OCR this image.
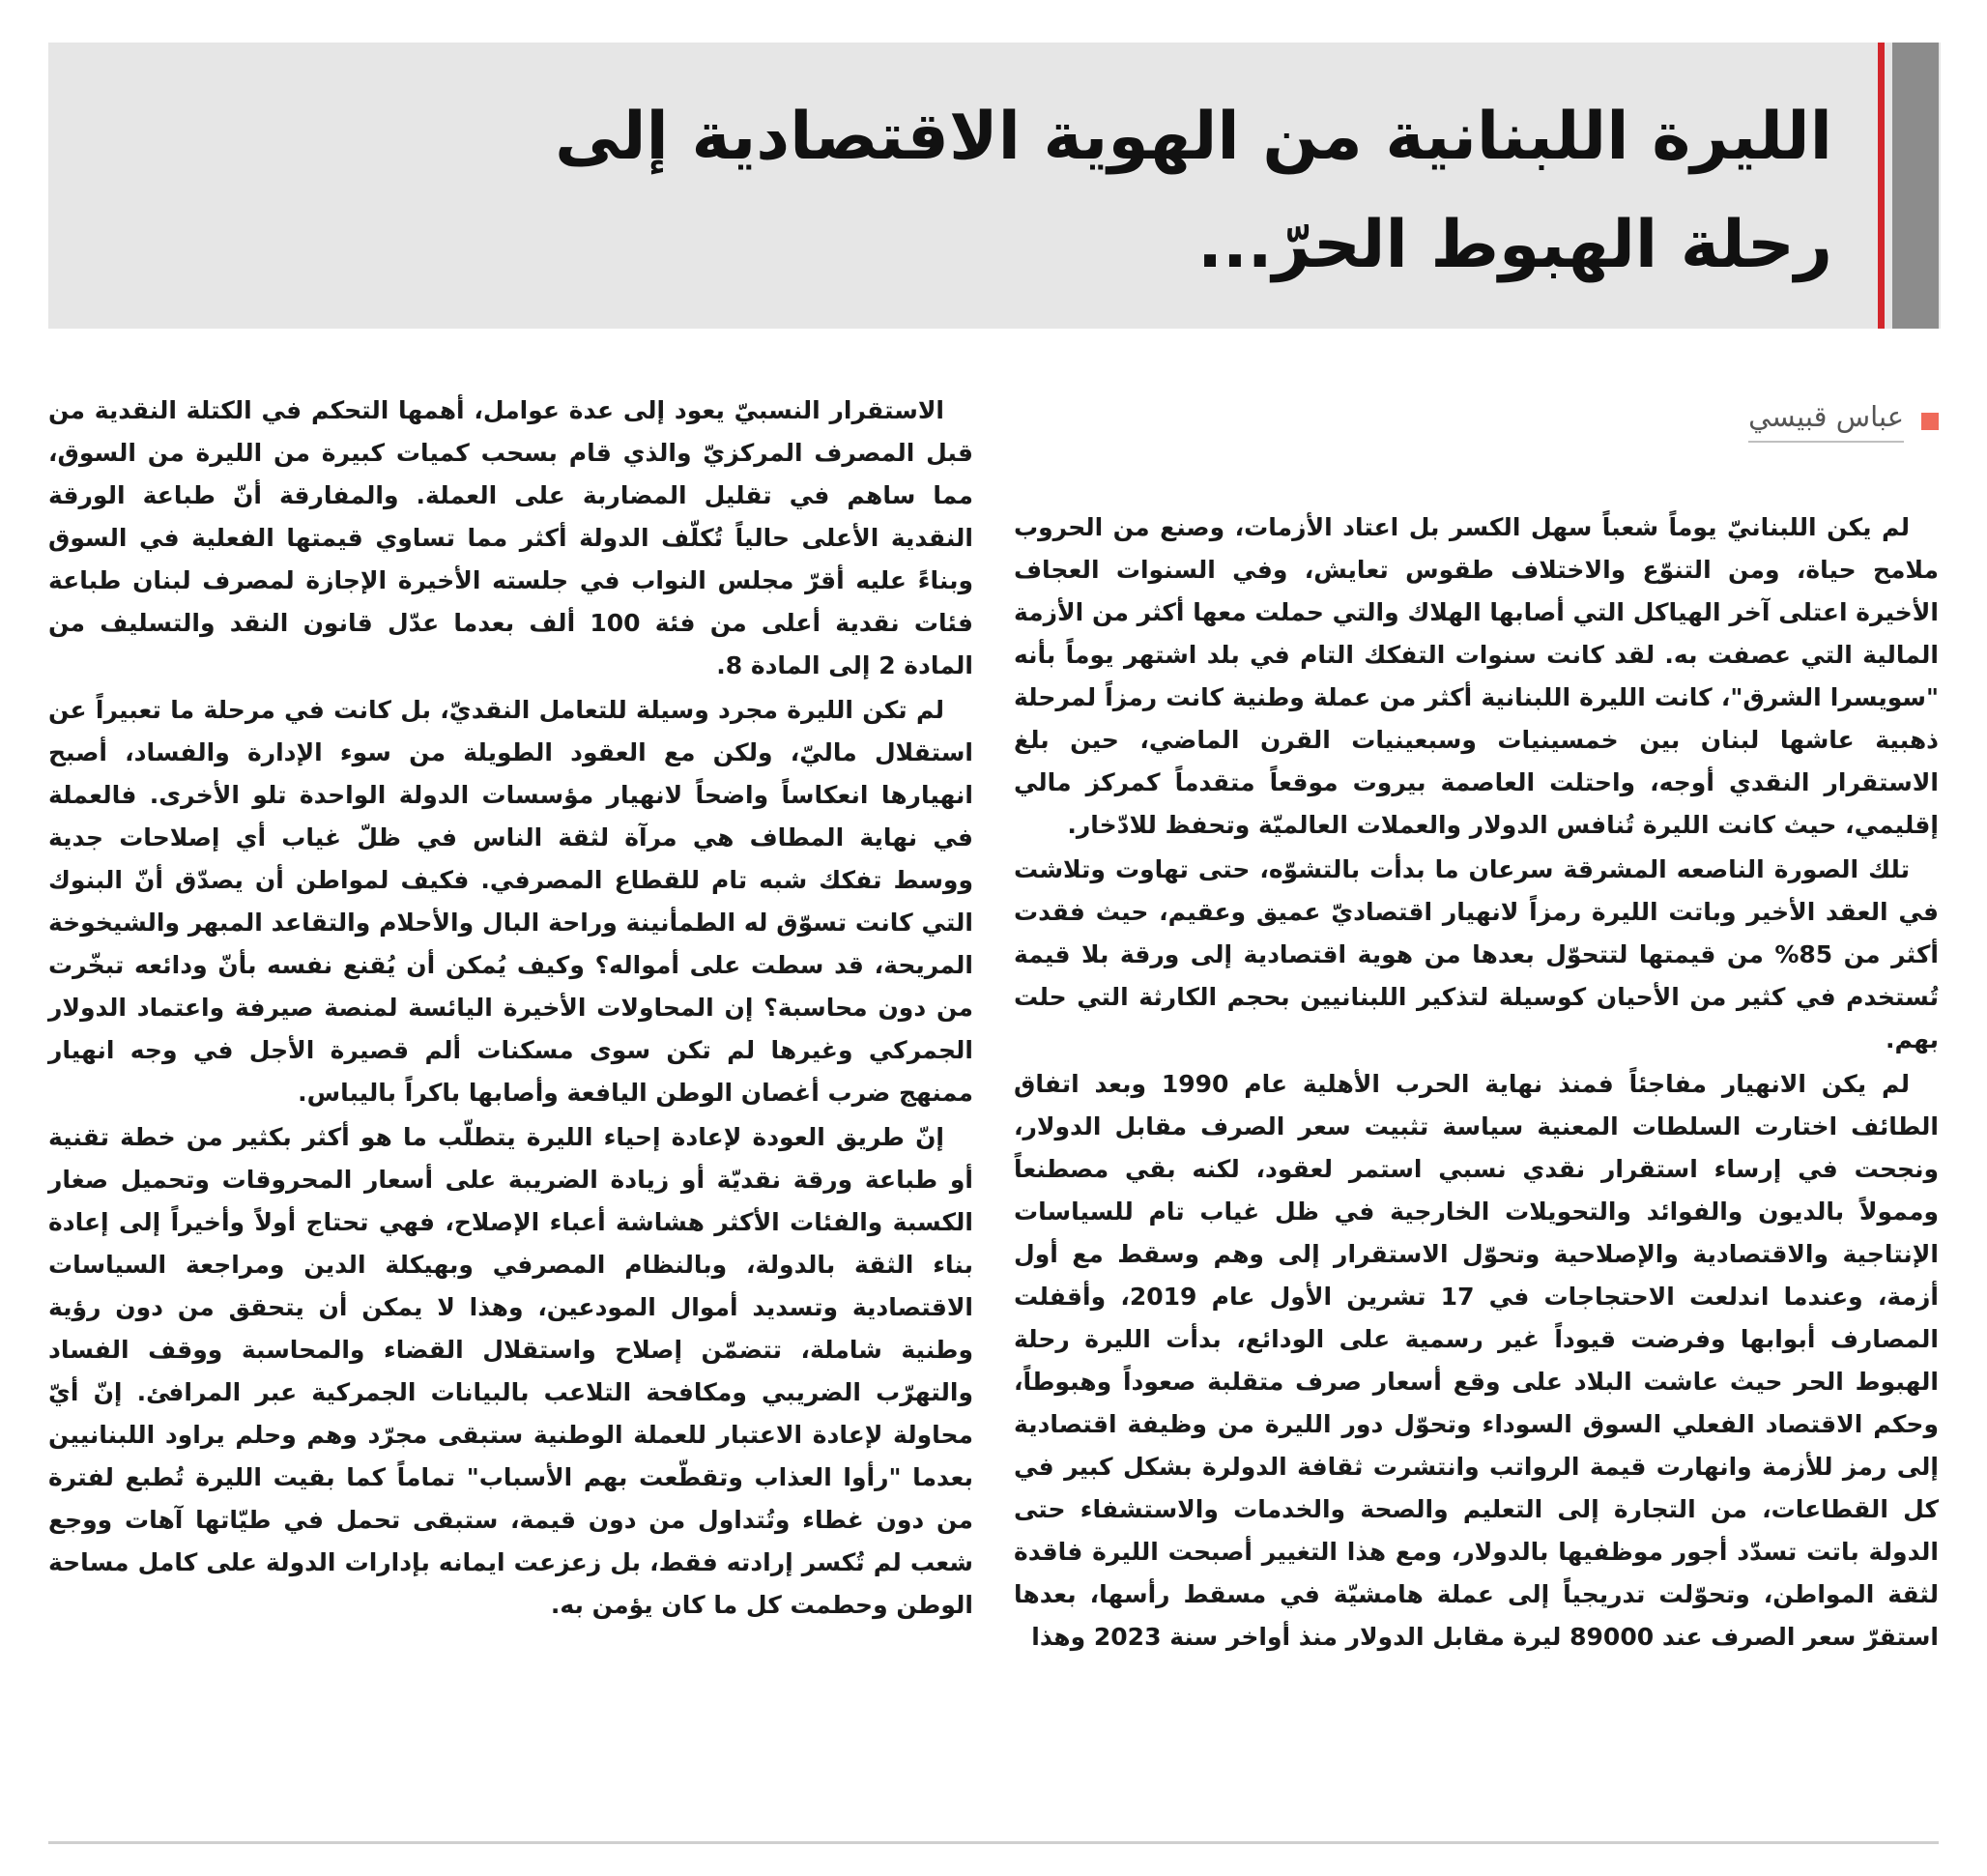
الليرة اللبنانية من الهوية الاقتصادية إلى رحلة الهبوط الحرّ...
عباس قبيسي

لم يكن اللبنانيّ يوماً شعباً سهل الكسر بل اعتاد الأزمات، وصنع من الحروب ملامح حياة، ومن التنوّع والاختلاف طقوس تعايش، وفي السنوات العجاف الأخيرة اعتلى آخر الهياكل التي أصابها الهلاك والتي حملت معها أكثر من الأزمة المالية التي عصفت به. لقد كانت سنوات التفكك التام في بلد اشتهر يوماً بأنه "سويسرا الشرق"، كانت الليرة اللبنانية أكثر من عملة وطنية كانت رمزاً لمرحلة ذهبية عاشها لبنان بين خمسينيات وسبعينيات القرن الماضي، حين بلغ الاستقرار النقدي أوجه، واحتلت العاصمة بيروت موقعاً متقدماً كمركز مالي إقليمي، حيث كانت الليرة تُنافس الدولار والعملات العالميّة وتحفظ للادّخار.

تلك الصورة الناصعه المشرقة سرعان ما بدأت بالتشوّه، حتى تهاوت وتلاشت في العقد الأخير وباتت الليرة رمزاً لانهيار اقتصاديّ عميق وعقيم، حيث فقدت أكثر من 85% من قيمتها لتتحوّل بعدها من هوية اقتصادية إلى ورقة بلا قيمة تُستخدم في كثير من الأحيان كوسيلة لتذكير اللبنانيين بحجم الكارثة التي حلت بهم.

لم يكن الانهيار مفاجئاً فمنذ نهاية الحرب الأهلية عام 1990 وبعد اتفاق الطائف اختارت السلطات المعنية سياسة تثبيت سعر الصرف مقابل الدولار، ونجحت في إرساء استقرار نقدي نسبي استمر لعقود، لكنه بقي مصطنعاً وممولاً بالديون والفوائد والتحويلات الخارجية في ظل غياب تام للسياسات الإنتاجية والاقتصادية والإصلاحية وتحوّل الاستقرار إلى وهم وسقط مع أول أزمة، وعندما اندلعت الاحتجاجات في 17 تشرين الأول عام 2019، وأقفلت المصارف أبوابها وفرضت قيوداً غير رسمية على الودائع، بدأت الليرة رحلة الهبوط الحر حيث عاشت البلاد على وقع أسعار صرف متقلبة صعوداً وهبوطاً، وحكم الاقتصاد الفعلي السوق السوداء وتحوّل دور الليرة من وظيفة اقتصادية إلى رمز للأزمة وانهارت قيمة الرواتب وانتشرت ثقافة الدولرة بشكل كبير في كل القطاعات، من التجارة إلى التعليم والصحة والخدمات والاستشفاء حتى الدولة باتت تسدّد أجور موظفيها بالدولار، ومع هذا التغيير أصبحت الليرة فاقدة لثقة المواطن، وتحوّلت تدريجياً إلى عملة هامشيّة في مسقط رأسها، بعدها استقرّ سعر الصرف عند 89000 ليرة مقابل الدولار منذ أواخر سنة 2023 وهذا

الاستقرار النسبيّ يعود إلى عدة عوامل، أهمها التحكم في الكتلة النقدية من قبل المصرف المركزيّ والذي قام بسحب كميات كبيرة من الليرة من السوق، مما ساهم في تقليل المضاربة على العملة. والمفارقة أنّ طباعة الورقة النقدية الأعلى حالياً تُكلّف الدولة أكثر مما تساوي قيمتها الفعلية في السوق وبناءً عليه أقرّ مجلس النواب في جلسته الأخيرة الإجازة لمصرف لبنان طباعة فئات نقدية أعلى من فئة 100 ألف بعدما عدّل قانون النقد والتسليف من المادة 2 إلى المادة 8.

لم تكن الليرة مجرد وسيلة للتعامل النقديّ، بل كانت في مرحلة ما تعبيراً عن استقلال ماليّ، ولكن مع العقود الطويلة من سوء الإدارة والفساد، أصبح انهيارها انعكاساً واضحاً لانهيار مؤسسات الدولة الواحدة تلو الأخرى. فالعملة في نهاية المطاف هي مرآة لثقة الناس في ظلّ غياب أي إصلاحات جدية ووسط تفكك شبه تام للقطاع المصرفي. فكيف لمواطن أن يصدّق أنّ البنوك التي كانت تسوّق له الطمأنينة وراحة البال والأحلام والتقاعد المبهر والشيخوخة المريحة، قد سطت على أمواله؟ وكيف يُمكن أن يُقنع نفسه بأنّ ودائعه تبخّرت من دون محاسبة؟ إن المحاولات الأخيرة اليائسة لمنصة صيرفة واعتماد الدولار الجمركي وغيرها لم تكن سوى مسكنات ألم قصيرة الأجل في وجه انهيار ممنهج ضرب أغصان الوطن اليافعة وأصابها باكراً باليباس.

إنّ طريق العودة لإعادة إحياء الليرة يتطلّب ما هو أكثر بكثير من خطة تقنية أو طباعة ورقة نقديّة أو زيادة الضريبة على أسعار المحروقات وتحميل صغار الكسبة والفئات الأكثر هشاشة أعباء الإصلاح، فهي تحتاج أولاً وأخيراً إلى إعادة بناء الثقة بالدولة، وبالنظام المصرفي وبهيكلة الدين ومراجعة السياسات الاقتصادية وتسديد أموال المودعين، وهذا لا يمكن أن يتحقق من دون رؤية وطنية شاملة، تتضمّن إصلاح واستقلال القضاء والمحاسبة ووقف الفساد والتهرّب الضريبي ومكافحة التلاعب بالبيانات الجمركية عبر المرافئ. إنّ أيّ محاولة لإعادة الاعتبار للعملة الوطنية ستبقى مجرّد وهم وحلم يراود اللبنانيين بعدما "رأوا العذاب وتقطّعت بهم الأسباب" تماماً كما بقيت الليرة تُطبع لفترة من دون غطاء وتُتداول من دون قيمة، ستبقى تحمل في طيّاتها آهات ووجع شعب لم تُكسر إرادته فقط، بل زعزعت ايمانه بإدارات الدولة على كامل مساحة الوطن وحطمت كل ما كان يؤمن به.
